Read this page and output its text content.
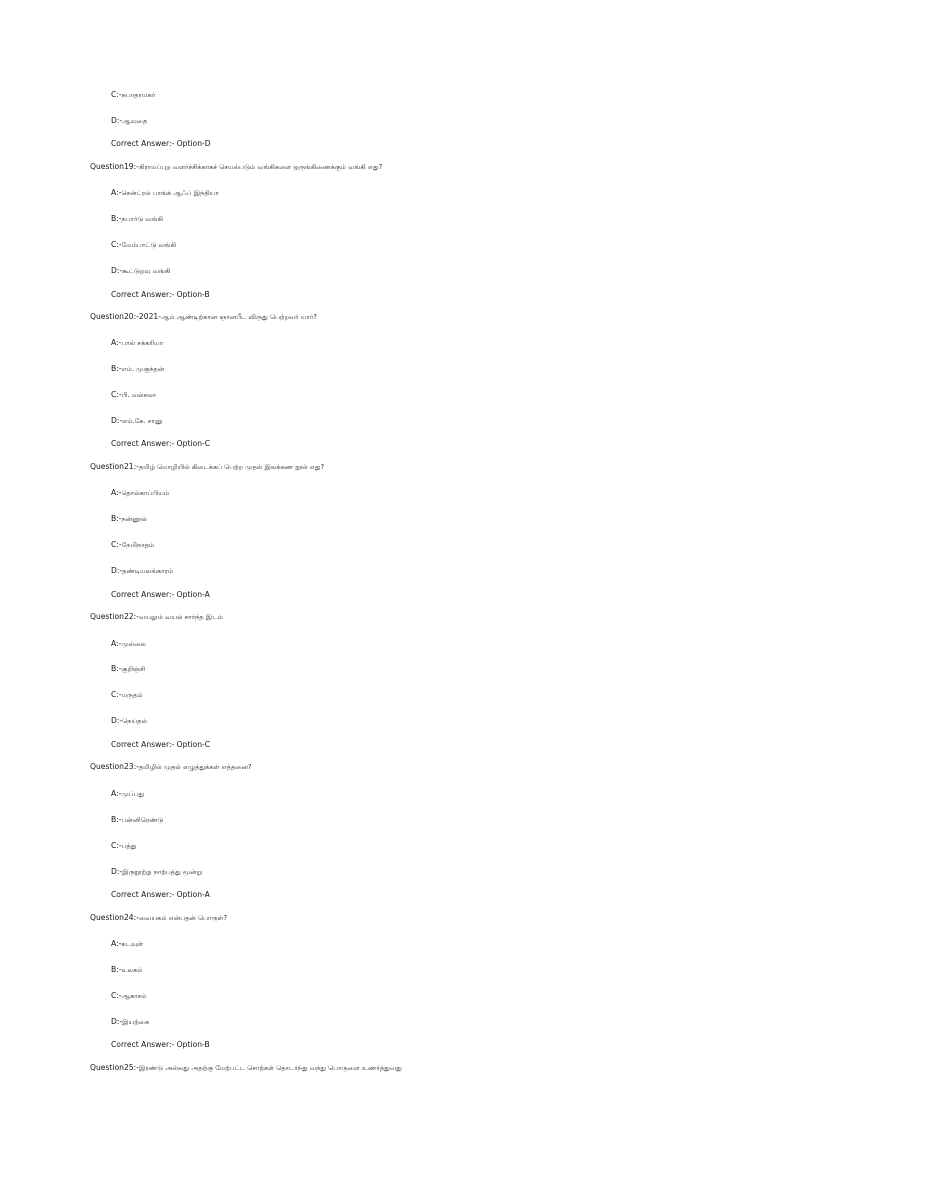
C:-சுபாதாயகர்
D:-ஆவுதை
Correct Answer:- Option-D
Question19:-கிராமப்புற வளர்ச்சிக்காகச் செயல்படும் வங்கிகளை ஒருங்கிணைக்கும் வங்கி எது?
A:-சென்ட்ரல் பாங்க் ஆஃப் இந்தியா
B:-நபார்டு வங்கி
C:-மேம்பாட்டு வங்கி
D:-கூட்டுறவு வங்கி
Correct Answer:- Option-B
Question20:-2021-ஆம் ஆண்டிற்கான ஞானபீட விருது பெற்றவர் யார்?
A:-பால் சக்கரியா
B:-எம். முகுந்தன்
C:-பி. வல்சலா
D:-எம்.கே. சானு
Correct Answer:- Option-C
Question21:-தமிழ் மொழியில் கிடைக்கப் பெற்ற முதல் இலக்கண நூல் எது?
A:-தொல்காப்பியம்
B:-நன்னூல்
C:-நேமிநாதம்
D:-தண்டியலங்காரம்
Correct Answer:- Option-A
Question22:-வயலும் வயல் சார்ந்த இடம்
A:-முல்லை
B:-குறிஞ்சி
C:-மருதம்
D:-நெய்தல்
Correct Answer:- Option-C
Question23:-தமிழில் முதல் எழுத்துக்கள் எத்தனை?
A:-முப்பது
B:-பன்னிரெண்டு
C:-பத்து
D:-இருநூற்று நாற்பத்து மூன்று
Correct Answer:- Option-A
Question24:-வையகம் என்பதன் பொருள்?
A:-கடவுள்
B:-உலகம்
C:-ஆகாசம்
D:-இயற்கை
Correct Answer:- Option-B
Question25:-இரண்டு அல்லது அதற்கு மேற்பட்ட சொற்கள் தொடர்ந்து வந்து பொருளை உணர்த்துவது
